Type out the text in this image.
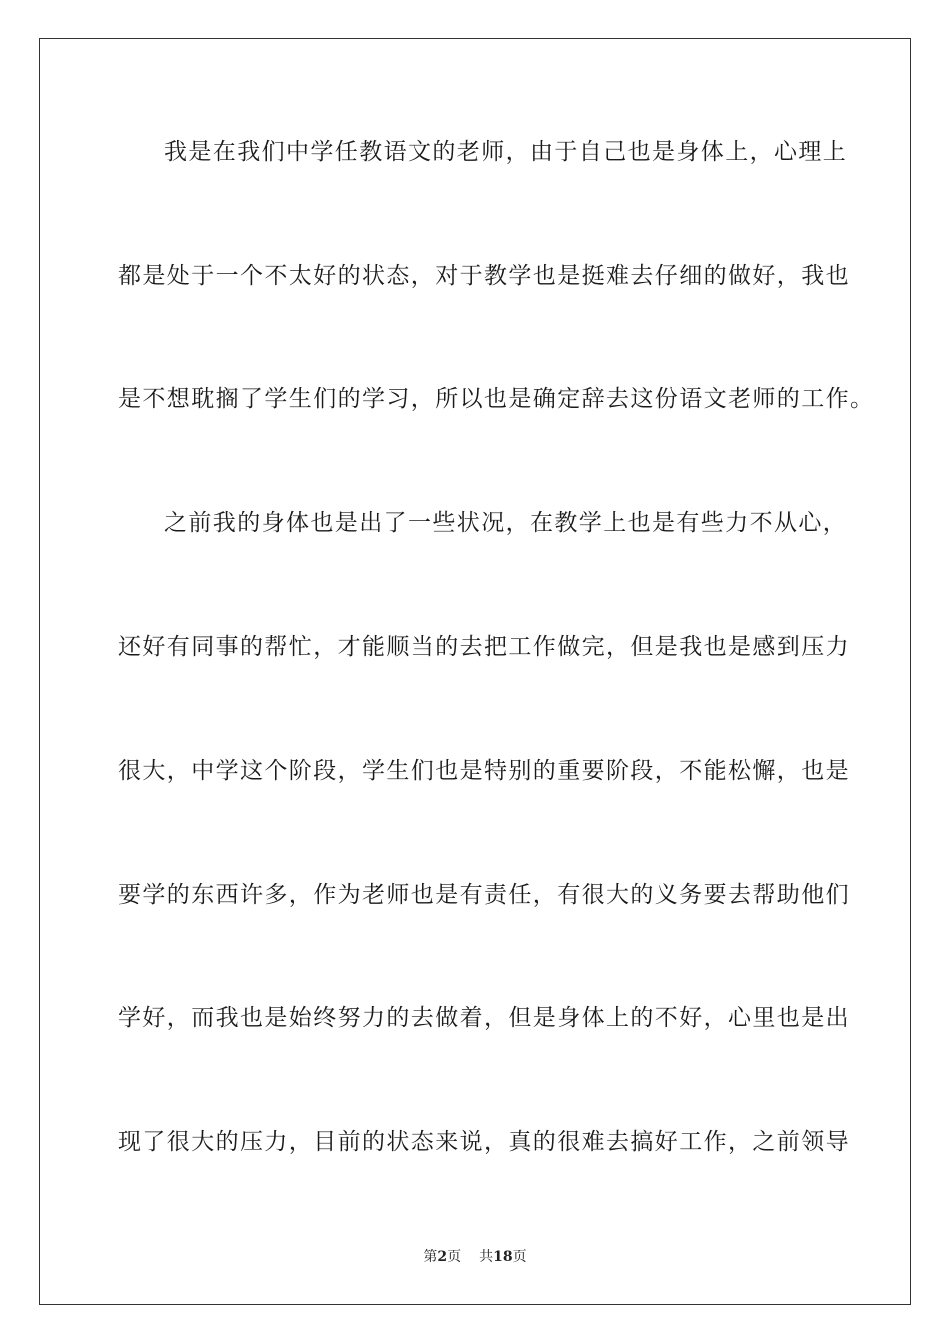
我是在我们中学任教语文的老师，由于自己也是身体上，心理上
都是处于一个不太好的状态，对于教学也是挺难去仔细的做好，我也
是不想耽搁了学生们的学习，所以也是确定辞去这份语文老师的工作。
之前我的身体也是出了一些状况，在教学上也是有些力不从心，
还好有同事的帮忙，才能顺当的去把工作做完，但是我也是感到压力
很大，中学这个阶段，学生们也是特别的重要阶段，不能松懈，也是
要学的东西许多，作为老师也是有责任，有很大的义务要去帮助他们
学好，而我也是始终努力的去做着，但是身体上的不好，心里也是出
现了很大的压力，目前的状态来说，真的很难去搞好工作，之前领导
第2页 共18页
